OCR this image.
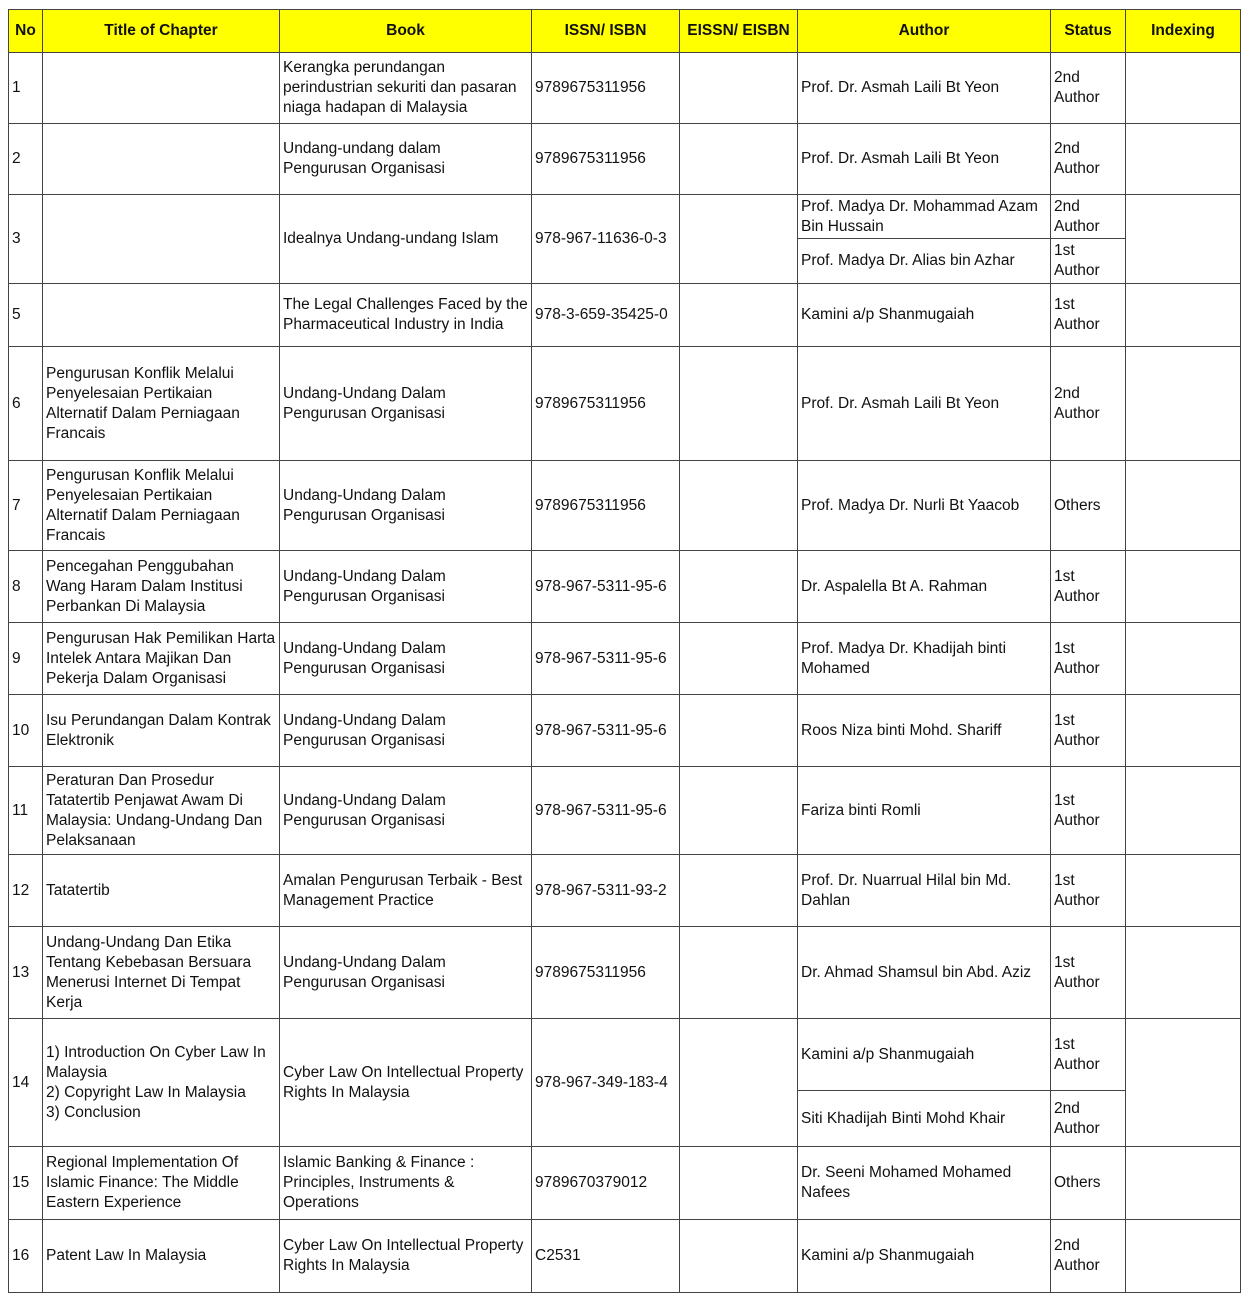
No	Title of Chapter	Book	ISSN/ ISBN	EISSN/ EISBN	Author	Status	Indexing
1		Kerangka perundangan perindustrian sekuriti dan pasaran niaga hadapan di Malaysia	9789675311956		Prof. Dr. Asmah Laili Bt Yeon	2nd Author	
2		Undang-undang dalam Pengurusan Organisasi	9789675311956		Prof. Dr. Asmah Laili Bt Yeon	2nd Author	
3		Idealnya Undang-undang Islam	978-967-11636-0-3		Prof. Madya Dr. Mohammad Azam Bin Hussain	2nd Author	
					Prof. Madya Dr. Alias bin Azhar	1st Author	
5		The Legal Challenges Faced by the Pharmaceutical Industry in India	978-3-659-35425-0		Kamini a/p Shanmugaiah	1st Author	
6	Pengurusan Konflik Melalui Penyelesaian Pertikaian Alternatif Dalam Perniagaan Francais	Undang-Undang Dalam Pengurusan Organisasi	9789675311956		Prof. Dr. Asmah Laili Bt Yeon	2nd Author	
7	Pengurusan Konflik Melalui Penyelesaian Pertikaian Alternatif Dalam Perniagaan Francais	Undang-Undang Dalam Pengurusan Organisasi	9789675311956		Prof. Madya Dr. Nurli Bt Yaacob	Others	
8	Pencegahan Penggubahan Wang Haram Dalam Institusi Perbankan Di Malaysia	Undang-Undang Dalam Pengurusan Organisasi	978-967-5311-95-6		Dr. Aspalella Bt A. Rahman	1st Author	
9	Pengurusan Hak Pemilikan Harta Intelek Antara Majikan Dan Pekerja Dalam Organisasi	Undang-Undang Dalam Pengurusan Organisasi	978-967-5311-95-6		Prof. Madya Dr. Khadijah binti Mohamed	1st Author	
10	Isu Perundangan Dalam Kontrak Elektronik	Undang-Undang Dalam Pengurusan Organisasi	978-967-5311-95-6		Roos Niza binti Mohd. Shariff	1st Author	
11	Peraturan Dan Prosedur Tatatertib Penjawat Awam Di Malaysia: Undang-Undang Dan Pelaksanaan	Undang-Undang Dalam Pengurusan Organisasi	978-967-5311-95-6		Fariza binti Romli	1st Author	
12	Tatatertib	Amalan Pengurusan Terbaik - Best Management Practice	978-967-5311-93-2		Prof. Dr. Nuarrual Hilal bin Md. Dahlan	1st Author	
13	Undang-Undang Dan Etika Tentang Kebebasan Bersuara Menerusi Internet Di Tempat Kerja	Undang-Undang Dalam Pengurusan Organisasi	9789675311956		Dr. Ahmad Shamsul bin Abd. Aziz	1st Author	
14	1) Introduction On Cyber Law In Malaysia
2) Copyright Law In Malaysia
3) Conclusion	Cyber Law On Intellectual Property Rights In Malaysia	978-967-349-183-4		Kamini a/p Shanmugaiah	1st Author	
					Siti Khadijah Binti Mohd Khair	2nd Author	
15	Regional Implementation Of Islamic Finance: The Middle Eastern Experience	Islamic Banking & Finance : Principles, Instruments & Operations	9789670379012		Dr. Seeni Mohamed Mohamed Nafees	Others	
16	Patent Law In Malaysia	Cyber Law On Intellectual Property Rights In Malaysia	C2531		Kamini a/p Shanmugaiah	2nd Author	
